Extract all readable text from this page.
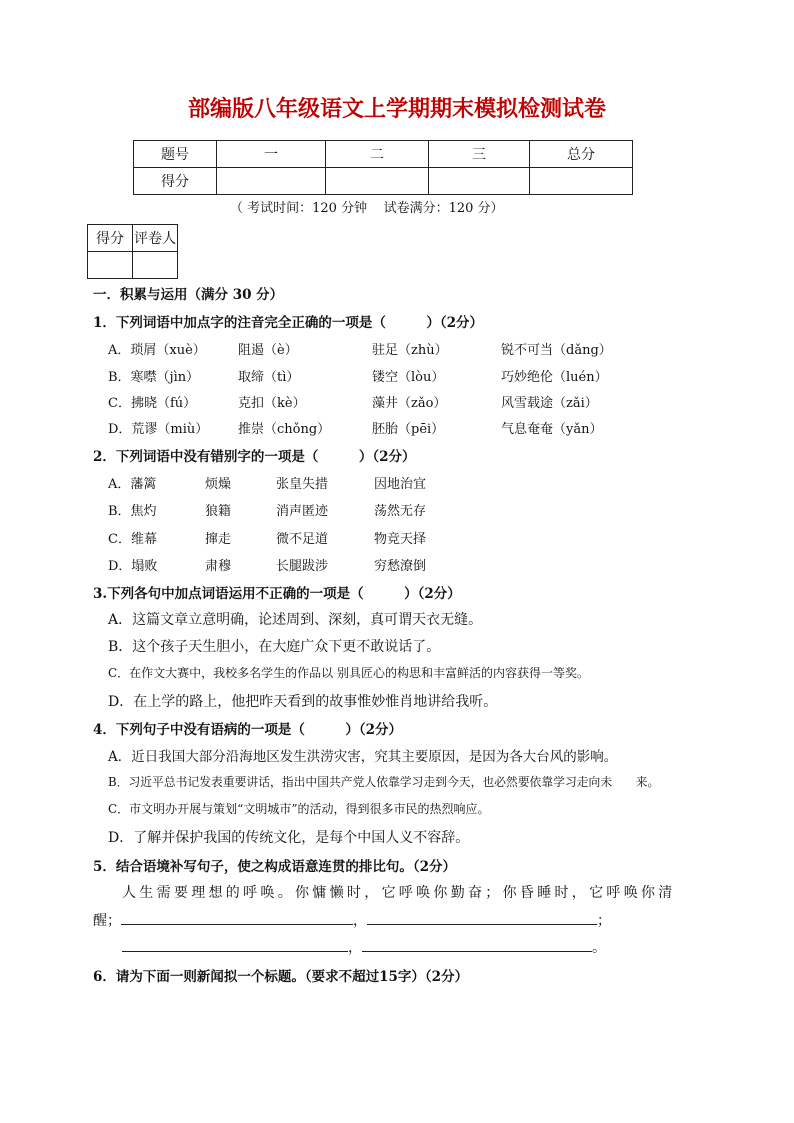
部编版八年级语文上学期期末模拟检测试卷
题号	一	二	三	总分
得分				
（ 考试时间：120 分钟    试卷满分：120 分）
得分	评卷人

一．积累与运用（满分 30 分）
1．下列词语中加点字的注音完全正确的一项是（　　　）（2分）
A．琐屑（xuè） 阻遏（è）	驻足（zhù）	锐不可当（dǎng）
B．寒噤（jìn）	取缔（tì）	镂空（lòu）	巧妙绝伦（luén）
C．拂晓（fú）	克扣（kè）	藻井（zǎo）	风雪载途（zǎi）
D．荒谬（miù） 推崇（chǒng）	胚胎（pēi）	气息奄奄（yǎn）
2．下列词语中没有错别字的一项是（　　　）（2分）
A．藩篱	烦燥	张皇失措	因地治宜
B．焦灼	狼籍	消声匿迹	荡然无存
C．维幕	撺走	微不足道	物竞天择
D．塌败	肃穆	长腿跋涉	穷愁潦倒
3.下列各句中加点词语运用不正确的一项是（　　　）（2分）
A．这篇文章立意明确，论述周到、深刻，真可谓天衣无缝。
B．这个孩子天生胆小，在大庭广众下更不敢说话了。
C．在作文大赛中，我校多名学生的作品以 别具匠心的构思和丰富鲜活的内容获得一等奖。
D．在上学的路上，他把昨天看到的故事惟妙惟肖地讲给我听。
4．下列句子中没有语病的一项是（　　　）（2分）
A．近日我国大部分沿海地区发生洪涝灾害，究其主要原因，是因为各大台风的影响。
B．习近平总书记发表重要讲话，指出中国共产党人依靠学习走到今天，也必然要依靠学习走向未　　来。
C．市文明办开展与策划“文明城市”的活动，得到很多市民的热烈响应。
D．了解并保护我国的传统文化，是每个中国人义不容辞。
5．结合语境补写句子，使之构成语意连贯的排比句。（2分）
人生需要理想的呼唤。你慵懒时，它呼唤你勤奋；你昏睡时，它呼唤你清
醒；	，	；
，	。
6．请为下面一则新闻拟一个标题。（要求不超过15字）（2分）
